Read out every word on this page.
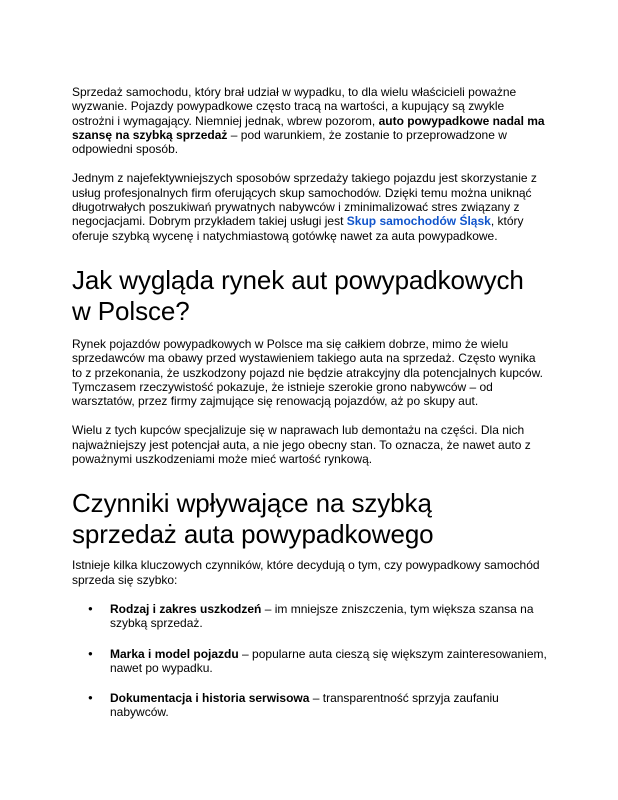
Sprzedaż samochodu, który brał udział w wypadku, to dla wielu właścicieli poważne wyzwanie. Pojazdy powypadkowe często tracą na wartości, a kupujący są zwykle ostrożni i wymagający. Niemniej jednak, wbrew pozorom, auto powypadkowe nadal ma szansę na szybką sprzedaż – pod warunkiem, że zostanie to przeprowadzone w odpowiedni sposób.

Jednym z najefektywniejszych sposobów sprzedaży takiego pojazdu jest skorzystanie z usług profesjonalnych firm oferujących skup samochodów. Dzięki temu można uniknąć długotrwałych poszukiwań prywatnych nabywców i zminimalizować stres związany z negocjacjami. Dobrym przykładem takiej usługi jest Skup samochodów Śląsk, który oferuje szybką wycenę i natychmiastową gotówkę nawet za auta powypadkowe.

Jak wygląda rynek aut powypadkowych w Polsce?

Rynek pojazdów powypadkowych w Polsce ma się całkiem dobrze, mimo że wielu sprzedawców ma obawy przed wystawieniem takiego auta na sprzedaż. Często wynika to z przekonania, że uszkodzony pojazd nie będzie atrakcyjny dla potencjalnych kupców. Tymczasem rzeczywistość pokazuje, że istnieje szerokie grono nabywców – od warsztatów, przez firmy zajmujące się renowacją pojazdów, aż po skupy aut.

Wielu z tych kupców specjalizuje się w naprawach lub demontażu na części. Dla nich najważniejszy jest potencjał auta, a nie jego obecny stan. To oznacza, że nawet auto z poważnymi uszkodzeniami może mieć wartość rynkową.

Czynniki wpływające na szybką sprzedaż auta powypadkowego

Istnieje kilka kluczowych czynników, które decydują o tym, czy powypadkowy samochód sprzeda się szybko:

● Rodzaj i zakres uszkodzeń – im mniejsze zniszczenia, tym większa szansa na szybką sprzedaż.

● Marka i model pojazdu – popularne auta cieszą się większym zainteresowaniem, nawet po wypadku.

● Dokumentacja i historia serwisowa – transparentność sprzyja zaufaniu nabywców.
